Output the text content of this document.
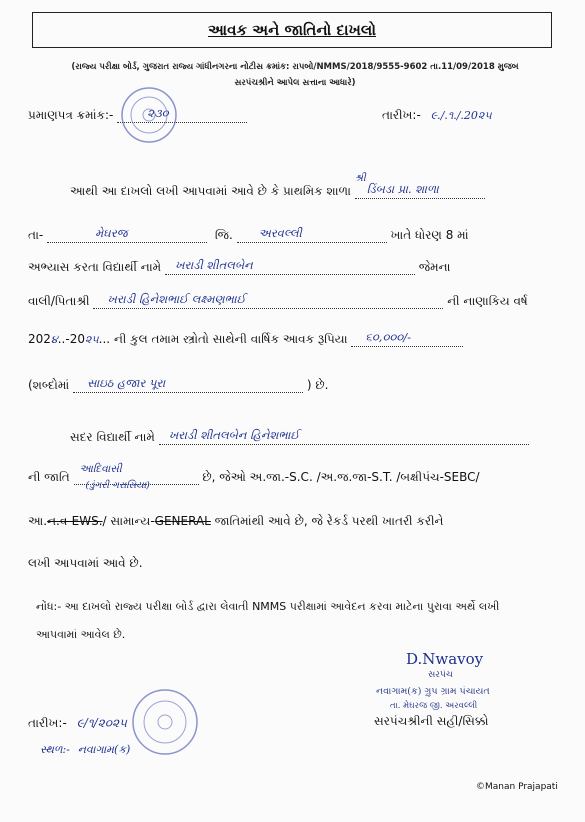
આવક અને જાતિનો દાખલો
(રાજ્ય પરીક્ષા બોર્ડ, ગુજરાત રાજ્ય ગાંધીનગરના નોટીસ ક્રમાંક: રાપબો/NMMS/2018/9555-9602 તા.11/09/2018 મુજબ
સરપંચશ્રીને આપેલ સત્તાના આધારે)
પ્રમાણપત્ર ક્રમાંક:-	૨૩૦	તારીખ:- ૯./.૧./.20૨૫
આથી આ દાખલો લખી આપવામાં આવે છે કે પ્રાથમિક શાળા
શ્રી
ડિંબડા પ્રા. શાળા
તા-	મેઘરજ	જિ. અરવલ્લી	ખાતે ધોરણ 8 માં
અભ્યાસ કરતા વિદ્યાર્થી નામે ખરાડી શીતલબેન	જેમના
વાલી/પિતાશ્રી ખરાડી હિનેશભાઈ લક્ષ્મણભાઈ	ની નાણાકિય વર્ષ
202૪..-20૨૫... ની કુલ તમામ સ્ત્રોતો સાથેની વાર્ષિક આવક રૂપિયા ૬૦,૦૦૦/-
(શબ્દોમાં સાઇઠ હજાર પૂરા	) છે.
સદર વિદ્યાર્થી નામે ખરાડી શીતલબેન હિનેશભાઈ
ની જાતિ
આદિવાસી
(ડુંગરી ગરાસિયા)
છે, જેઓ અ.જા.-S.C. /અ.જ.જા-S.T. /બક્ષીપંચ-SEBC/
આ.ન.વ-EWS./ સામાન્ય-GENERAL જાતિમાંથી આવે છે, જે રેકર્ડ પરથી ખાતરી કરીને
લખી આપવામાં આવે છે.
નોંધ:- આ દાખલો રાજ્ય પરીક્ષા બોર્ડ દ્વારા લેવાતી NMMS પરીક્ષામાં આવેદન કરવા માટેના પુરાવા અર્થે લખી
આપવામાં આવેલ છે.
D.Nwavoy
સરપંચ
નવાગામ(ક) ગ્રુપ ગ્રામ પંચાયત
તા. મેઘરજ જી. અરવલ્લી
સરપંચશ્રીની સહી/સિક્કો
તારીખ:- ૯/૧/૨૦૨૫
સ્થળ:- નવાગામ(ક)
©Manan Prajapati
